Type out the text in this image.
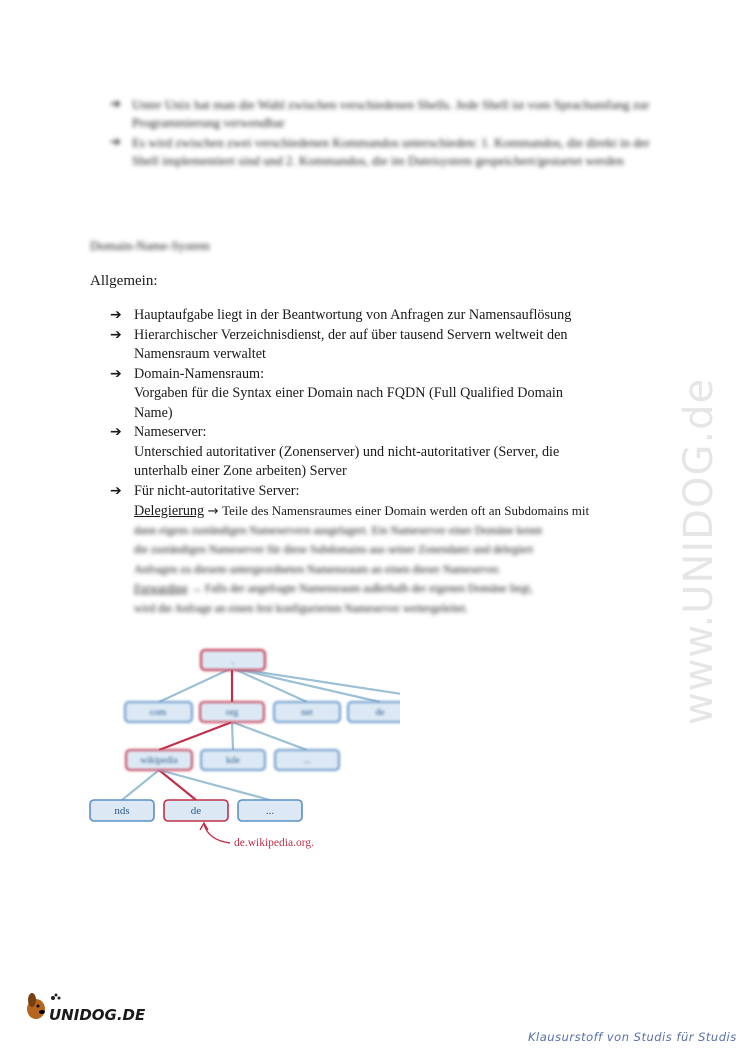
➔ Unter Unix hat man die Wahl zwischen verschiedenen Shells. Jede Shell ist vom Sprachumfang zur Programmierung verwendbar
➔ Es wird zwischen zwei verschiedenen Kommandos unterschieden: 1. Kommandos, die direkt in der Shell implementiert sind und 2. Kommandos, die im Dateisystem gespeichert/gestartet werden
Domain-Name-System
Allgemein:
➔ Hauptaufgabe liegt in der Beantwortung von Anfragen zur Namensauflösung
➔ Hierarchischer Verzeichnisdienst, der auf über tausend Servern weltweit den
Namensraum verwaltet
➔ Domain-Namensraum:
Vorgaben für die Syntax einer Domain nach FQDN (Full Qualified Domain
Name)
➔ Nameserver:
Unterschied autoritativer (Zonenserver) und nicht-autoritativer (Server, die
unterhalb einer Zone arbeiten) Server
➔ Für nicht-autoritative Server:
Delegierung → Teile des Namensraumes einer Domain werden oft an Subdomains mit
dann eigens zuständigen Nameservern ausgelagert. Ein Nameserver einer Domäne kennt
die zuständigen Nameserver für diese Subdomains aus seiner Zonendatei und delegiert
Anfragen zu diesem untergeordneten Namensraum an einen dieser Nameserver.
Forwarding → Falls der angefragte Namensraum außerhalb der eigenen Domäne liegt,
wird die Anfrage an einen fest konfigurierten Nameserver weitergeleitet.
.
com	org	net	de
wikipedia	kde	...
nds	de	...
de.wikipedia.org.
www.UNIDOG.de
UNIDOG.DE
Klausurstoff von Studis für Studis
